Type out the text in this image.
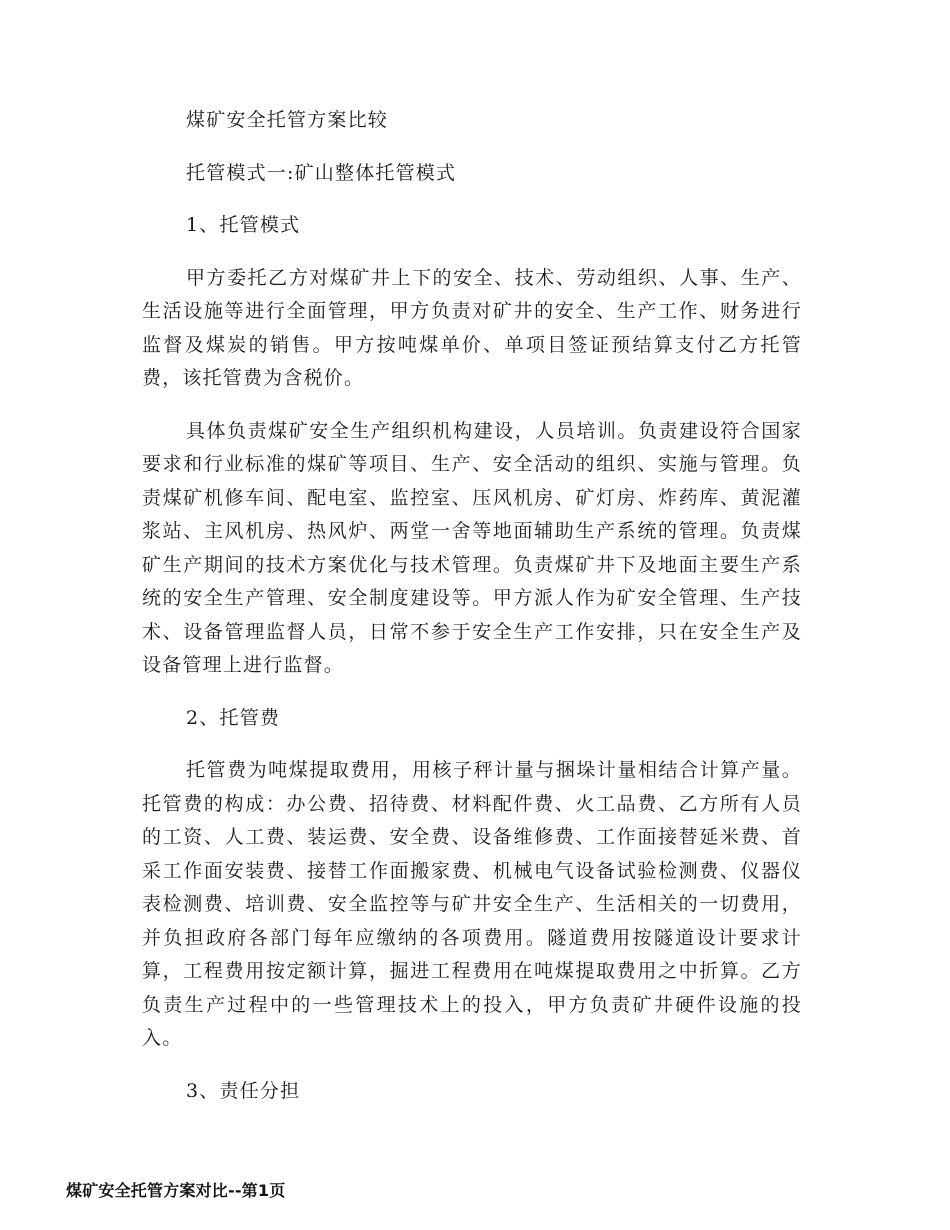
煤矿安全托管方案比较
托管模式一:矿山整体托管模式
1、托管模式

甲方委托乙方对煤矿井上下的安全、技术、劳动组织、人事、生产、生活设施等进行全面管理，甲方负责对矿井的安全、生产工作、财务进行监督及煤炭的销售。甲方按吨煤单价、单项目签证预结算支付乙方托管费，该托管费为含税价。

具体负责煤矿安全生产组织机构建设，人员培训。负责建设符合国家要求和行业标准的煤矿等项目、生产、安全活动的组织、实施与管理。负责煤矿机修车间、配电室、监控室、压风机房、矿灯房、炸药库、黄泥灌浆站、主风机房、热风炉、两堂一舍等地面辅助生产系统的管理。负责煤矿生产期间的技术方案优化与技术管理。负责煤矿井下及地面主要生产系统的安全生产管理、安全制度建设等。甲方派人作为矿安全管理、生产技术、设备管理监督人员，日常不参于安全生产工作安排，只在安全生产及设备管理上进行监督。

2、托管费

托管费为吨煤提取费用，用核子秤计量与捆垛计量相结合计算产量。托管费的构成：办公费、招待费、材料配件费、火工品费、乙方所有人员的工资、人工费、装运费、安全费、设备维修费、工作面接替延米费、首采工作面安装费、接替工作面搬家费、机械电气设备试验检测费、仪器仪表检测费、培训费、安全监控等与矿井安全生产、生活相关的一切费用，并负担政府各部门每年应缴纳的各项费用。隧道费用按隧道设计要求计算，工程费用按定额计算，掘进工程费用在吨煤提取费用之中折算。乙方负责生产过程中的一些管理技术上的投入，甲方负责矿井硬件设施的投入。

3、责任分担
煤矿安全托管方案对比--第1页
